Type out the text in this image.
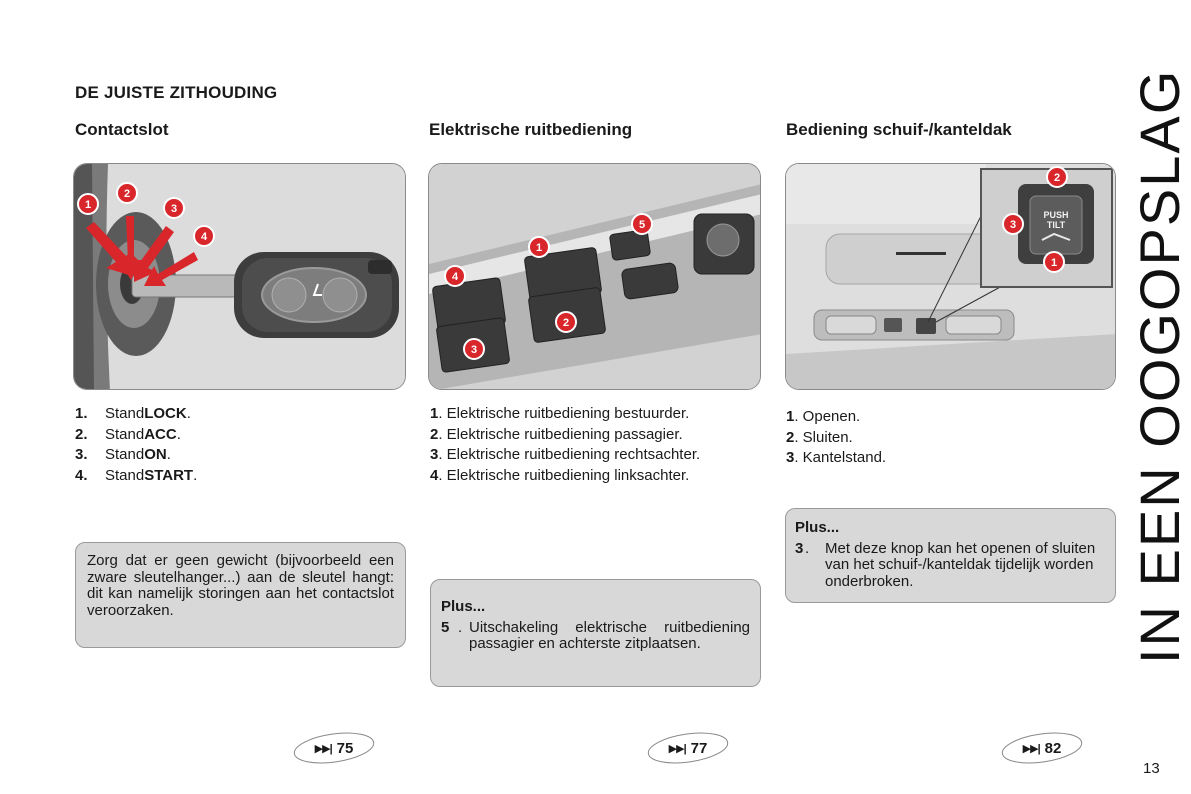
DE JUISTE ZITHOUDING
Contactslot	Elektrische ruitbediening	Bediening schuif-/kanteldak
1
2
3
4
1
2
3
4
5
PUSH
TILT
1
2
3
1.	Stand LOCK .
2.	Stand ACC .
3.	Stand ON .
4.	Stand START .
1 . Elektrische ruitbediening bestuurder.
2 . Elektrische ruitbediening passagier.
3 . Elektrische ruitbediening rechtsachter.
4 . Elektrische ruitbediening linksachter.
1 . Openen.
2 . Sluiten.
3 . Kantelstand.
Zorg dat er geen gewicht (bijvoorbeeld een zware sleutelhanger...) aan de sleutel hangt: dit kan namelijk storingen aan het contactslot veroorzaken.	Plus...
5 . Uitschakeling elektrische ruitbediening passagier en achterste zitplaatsen.
Plus...
3 .	Met deze knop kan het openen of sluiten van het schuif-/kanteldak tijdelijk worden onderbroken.
▶▶| 75	▶▶| 77	▶▶| 82
IN EEN OOGOPSLAG
13
